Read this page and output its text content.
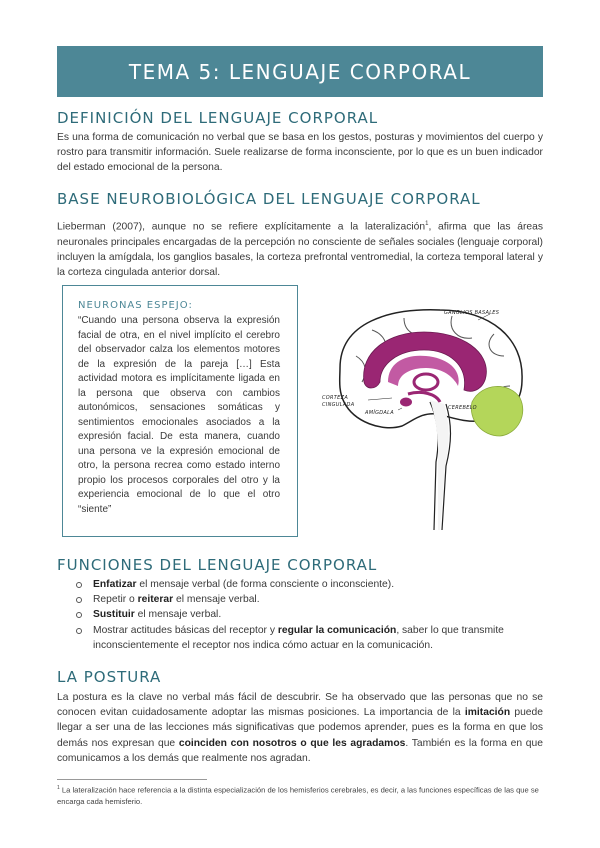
TEMA 5: LENGUAJE CORPORAL
DEFINICIÓN DEL LENGUAJE CORPORAL

Es una forma de comunicación no verbal que se basa en los gestos, posturas y movimientos del cuerpo y rostro para transmitir información. Suele realizarse de forma inconsciente, por lo que es un buen indicador del estado emocional de la persona.

BASE NEUROBIOLÓGICA DEL LENGUAJE CORPORAL

Lieberman (2007), aunque no se refiere explícitamente a la lateralización$^1$, afirma que las áreas neuronales principales encargadas de la percepción no consciente de señales sociales (lenguaje corporal) incluyen la amígdala, los ganglios basales, la corteza prefrontal ventromedial, la corteza temporal lateral y la corteza cingulada anterior dorsal.

NEURONAS ESPEJO:

“Cuando una persona observa la expresión facial de otra, en el nivel implícito el cerebro del observador calza los elementos motores de la expresión de la pareja […] Esta actividad motora es implícitamente ligada en la persona que observa con cambios autonómicos, sensaciones somáticas y sentimientos emocionales asociados a la expresión facial. De esta manera, cuando una persona ve la expresión emocional de otro, la persona recrea como estado interno propio los procesos corporales del otro y la experiencia emocional de lo que el otro “siente”

GANGLIOS BASALES
CORTEZA
CINGULADA
AMÍGDALA
CEREBELO
FUNCIONES DEL LENGUAJE CORPORAL
Enfatizar el mensaje verbal (de forma consciente o inconsciente).
Repetir o reiterar el mensaje verbal.
Sustituir el mensaje verbal.
Mostrar actitudes básicas del receptor y regular la comunicación, saber lo que transmite inconscientemente el receptor nos indica cómo actuar en la comunicación.
LA POSTURA

La postura es la clave no verbal más fácil de descubrir. Se ha observado que las personas que no se conocen evitan cuidadosamente adoptar las mismas posiciones. La importancia de la imitación puede llegar a ser una de las lecciones más significativas que podemos aprender, pues es la forma en que los demás nos expresan que coinciden con nosotros o que les agradamos. También es la forma en que comunicamos a los demás que realmente nos agradan.

$^1$ La lateralización hace referencia a la distinta especialización de los hemisferios cerebrales, es decir, a las funciones específicas de las que se encarga cada hemisferio.
